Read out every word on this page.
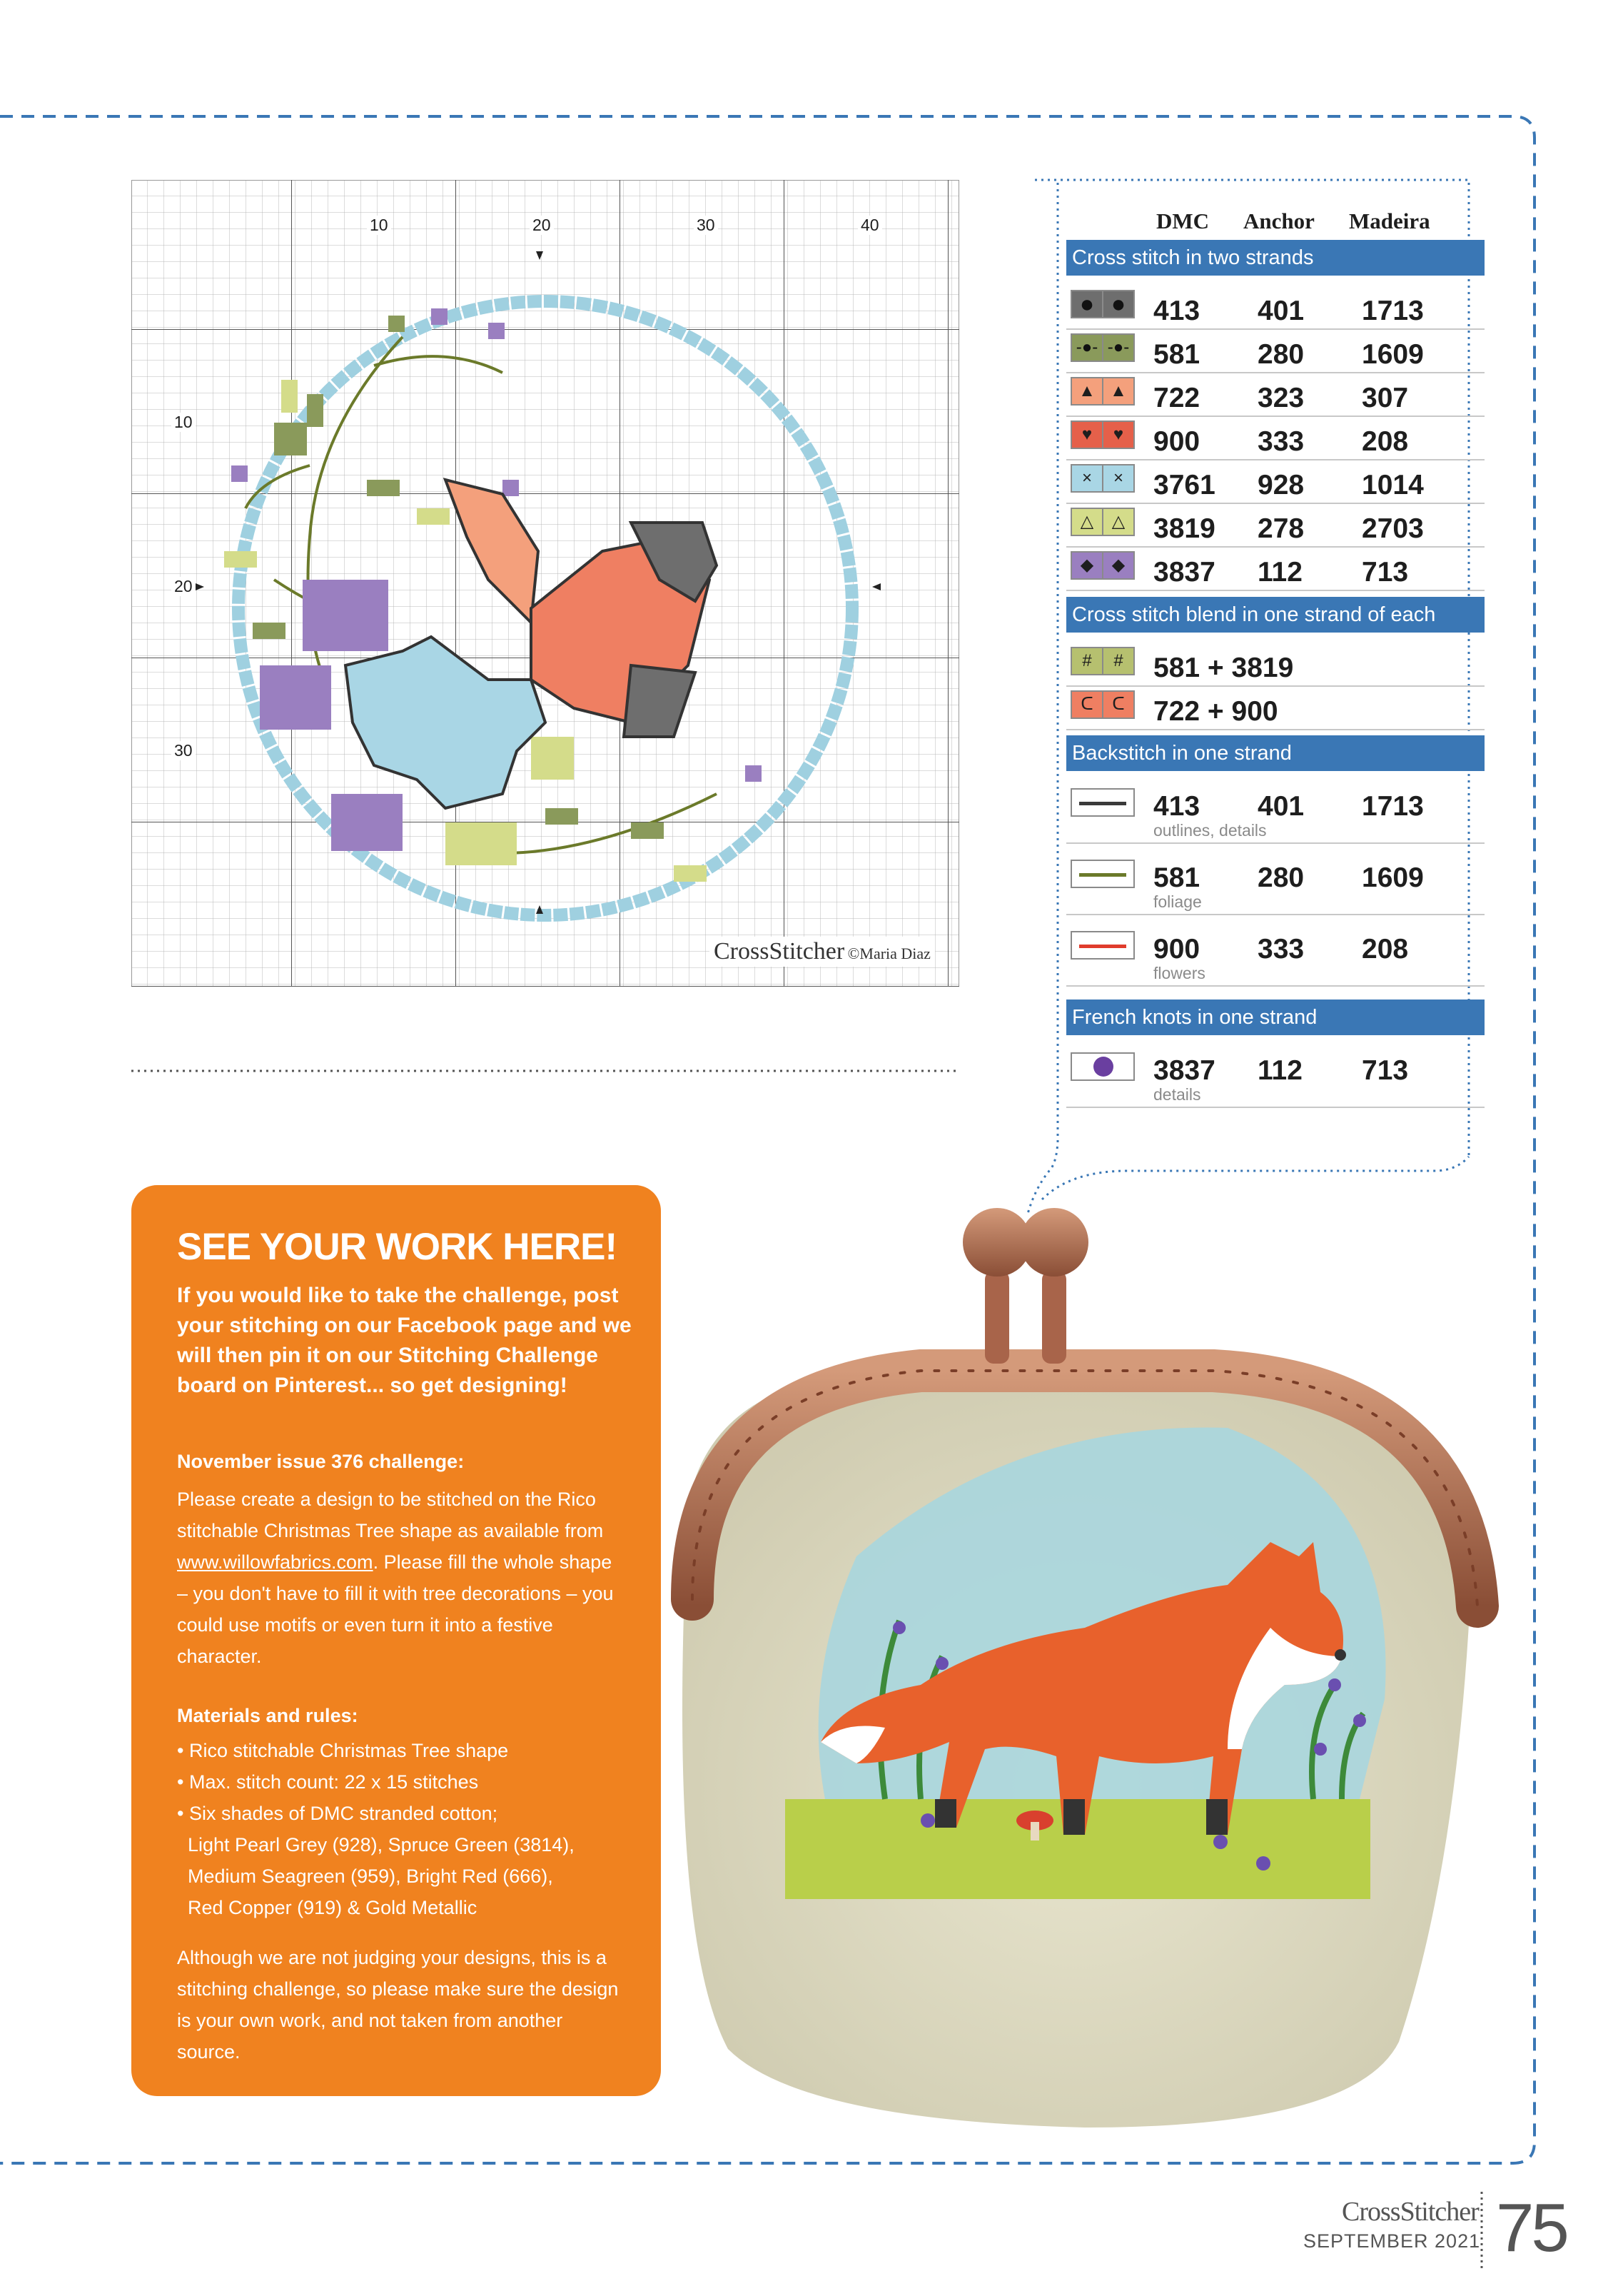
10	20	30	40
10
20
30
CrossStitcher ©Maria Diaz
DMC Anchor Madeira
Cross stitch in two strands
● ● 413 401 1713
-●- -●- 581 280 1609
▲ ▲ 722 323 307
♥	♥	900 333 208
×	×	3761 928 1014
△	△	3819 278 2703
◆	◆	3837 112 713
Cross stitch blend in one strand of each
#	#	581 + 3819
ᑕ	ᑕ	722 + 900
Backstitch in one strand
413 401 1713
outlines, details
581 280 1609
foliage
900 333 208
flowers
French knots in one strand
3837 112 713
details
SEE YOUR WORK HERE!
If you would like to take the challenge, post your stitching on our Facebook page and we will then pin it on our Stitching Challenge board on Pinterest... so get designing!
November issue 376 challenge:
Please create a design to be stitched on the Rico stitchable Christmas Tree shape as available from www.willowfabrics.com. Please fill the whole shape – you don't have to fill it with tree decorations – you could use motifs or even turn it into a festive character.
Materials and rules:
• Rico stitchable Christmas Tree shape
• Max. stitch count: 22 x 15 stitches
• Six shades of DMC stranded cotton;
Light Pearl Grey (928), Spruce Green (3814),
Medium Seagreen (959), Bright Red (666),
Red Copper (919) & Gold Metallic
Although we are not judging your designs, this is a stitching challenge, so please make sure the design is your own work, and not taken from another source.
CrossStitcher
SEPTEMBER 2021 75
